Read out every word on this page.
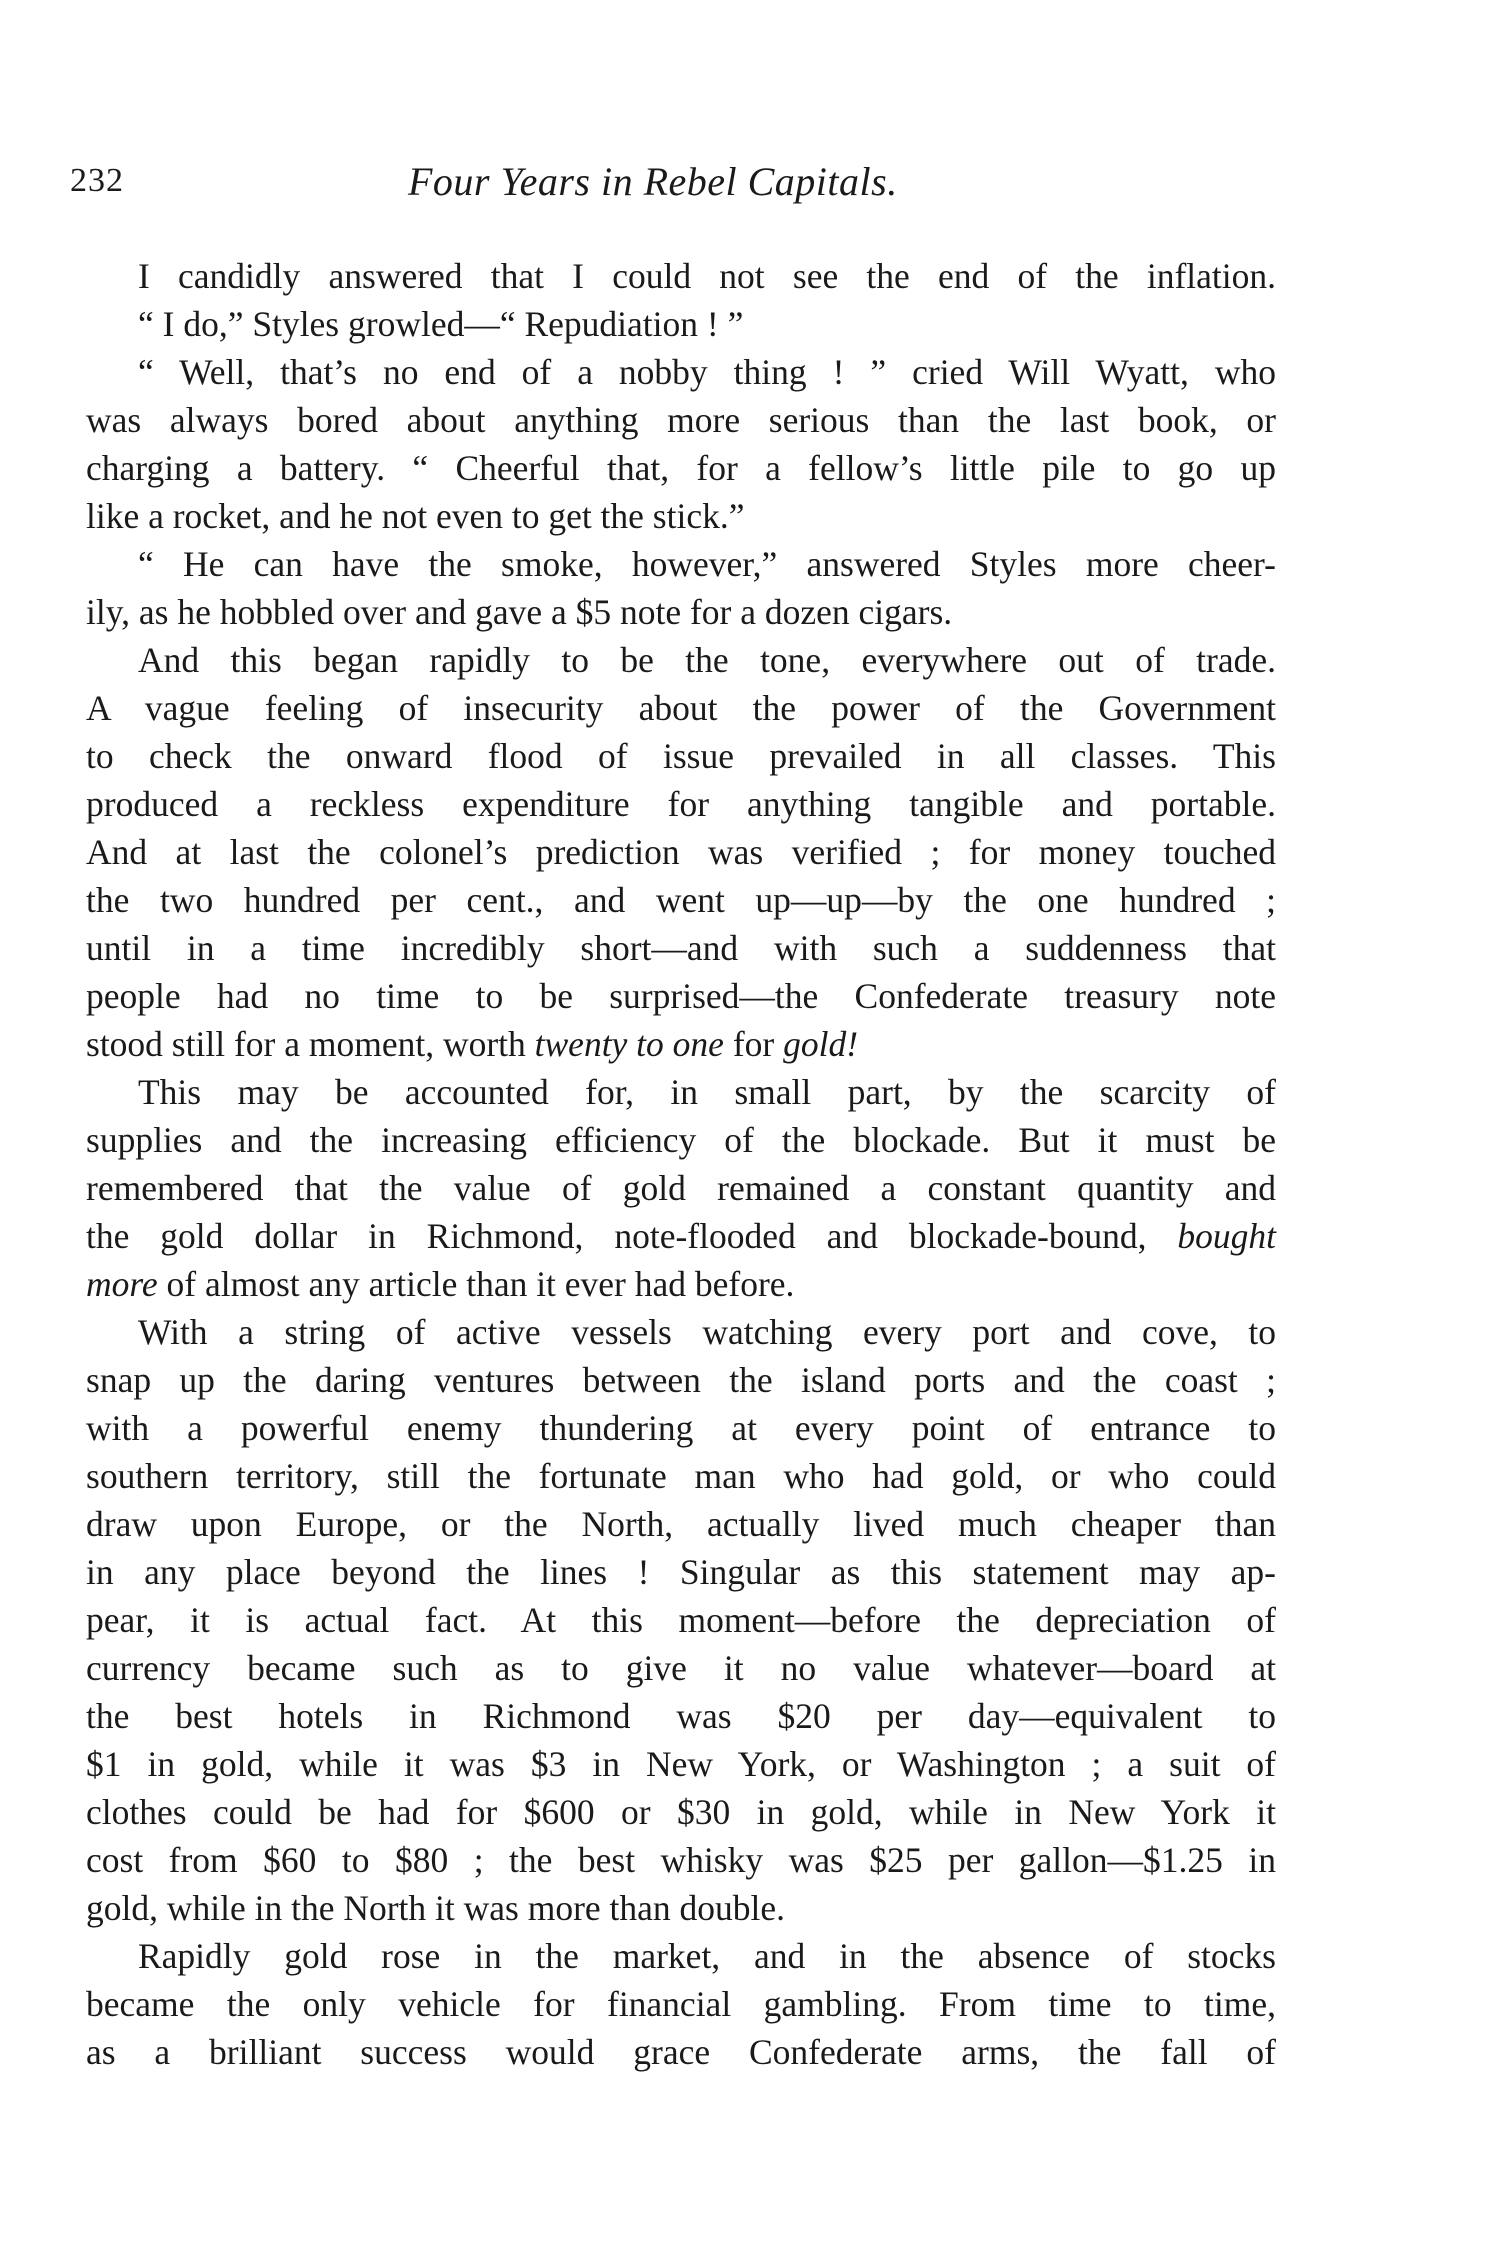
232	Four Years in Rebel Capitals.
I candidly answered that I could not see the end of the inflation.
“ I do,” Styles growled—“ Repudiation ! ”
“ Well, that’s no end of a nobby thing ! ” cried Will Wyatt, who
was always bored about anything more serious than the last book, or
charging a battery. “ Cheerful that, for a fellow’s little pile to go up
like a rocket, and he not even to get the stick.”
“ He can have the smoke, however,” answered Styles more cheer-
ily, as he hobbled over and gave a $5 note for a dozen cigars.
And this began rapidly to be the tone, everywhere out of trade.
A vague feeling of insecurity about the power of the Government
to check the onward flood of issue prevailed in all classes. This
produced a reckless expenditure for anything tangible and portable.
And at last the colonel’s prediction was verified ; for money touched
the two hundred per cent., and went up—up—by the one hundred ;
until in a time incredibly short—and with such a suddenness that
people had no time to be surprised—the Confederate treasury note
stood still for a moment, worth twenty to one for gold!
This may be accounted for, in small part, by the scarcity of
supplies and the increasing efficiency of the blockade. But it must be
remembered that the value of gold remained a constant quantity and
the gold dollar in Richmond, note-flooded and blockade-bound, bought
more of almost any article than it ever had before.
With a string of active vessels watching every port and cove, to
snap up the daring ventures between the island ports and the coast ;
with a powerful enemy thundering at every point of entrance to
southern territory, still the fortunate man who had gold, or who could
draw upon Europe, or the North, actually lived much cheaper than
in any place beyond the lines ! Singular as this statement may ap-
pear, it is actual fact. At this moment—before the depreciation of
currency became such as to give it no value whatever—board at
the best hotels in Richmond was $20 per day—equivalent to
$1 in gold, while it was $3 in New York, or Washington ; a suit of
clothes could be had for $600 or $30 in gold, while in New York it
cost from $60 to $80 ; the best whisky was $25 per gallon—$1.25 in
gold, while in the North it was more than double.
Rapidly gold rose in the market, and in the absence of stocks
became the only vehicle for financial gambling. From time to time,
as a brilliant success would grace Confederate arms, the fall of
